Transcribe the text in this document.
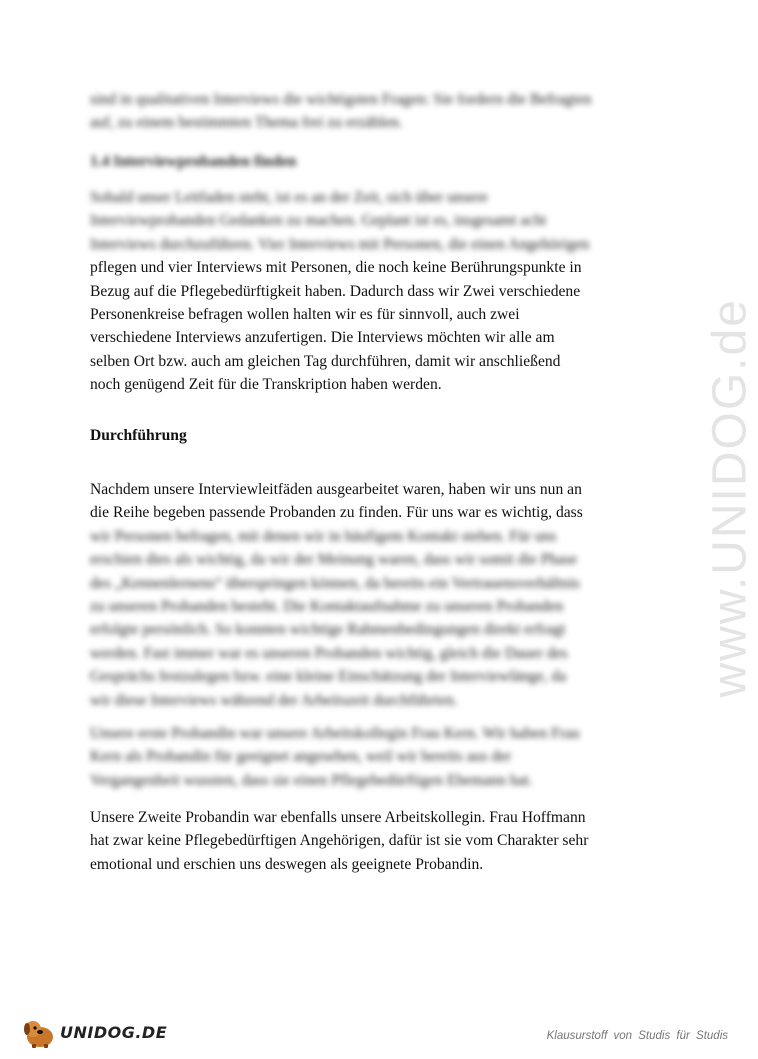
www.UNIDOG.de
sind in qualitativen Interviews die wichtigsten Fragen: Sie fordern die Befragten
auf, zu einem bestimmten Thema frei zu erzählen.
1.4 Interviewprobanden finden
Sobald unser Leitfaden steht, ist es an der Zeit, sich über unsere
Interviewprobanden Gedanken zu machen. Geplant ist es, insgesamt acht
Interviews durchzuführen. Vier Interviews mit Personen, die einen Angehörigen
pflegen und vier Interviews mit Personen, die noch keine Berührungspunkte in
Bezug auf die Pflegebedürftigkeit haben. Dadurch dass wir Zwei verschiedene
Personenkreise befragen wollen halten wir es für sinnvoll, auch zwei
verschiedene Interviews anzufertigen. Die Interviews möchten wir alle am
selben Ort bzw. auch am gleichen Tag durchführen, damit wir anschließend
noch genügend Zeit für die Transkription haben werden.
Durchführung
Nachdem unsere Interviewleitfäden ausgearbeitet waren, haben wir uns nun an
die Reihe begeben passende Probanden zu finden. Für uns war es wichtig, dass
wir Personen befragen, mit denen wir in häufigem Kontakt stehen. Für uns
erschien dies als wichtig, da wir der Meinung waren, dass wir somit die Phase
des „Kennenlernens“ überspringen können, da bereits ein Vertrauensverhältnis
zu unseren Probanden besteht. Die Kontaktaufnahme zu unseren Probanden
erfolgte persönlich. So konnten wichtige Rahmenbedingungen direkt erfragt
werden. Fast immer war es unseren Probanden wichtig, gleich die Dauer des
Gesprächs festzulegen bzw. eine kleine Einschätzung der Interviewlänge, da
wir diese Interviews während der Arbeitszeit durchführten.
Unsere erste Probandin war unsere Arbeitskollegin Frau Kern. Wir haben Frau
Kern als Probandin für geeignet angesehen, weil wir bereits aus der
Vergangenheit wussten, dass sie einen Pflegebedürftigen Ehemann hat.
Unsere Zweite Probandin war ebenfalls unsere Arbeitskollegin. Frau Hoffmann
hat zwar keine Pflegebedürftigen Angehörigen, dafür ist sie vom Charakter sehr
emotional und erschien uns deswegen als geeignete Probandin.
UNIDOG.DE	Klausurstoff von Studis für Studis
